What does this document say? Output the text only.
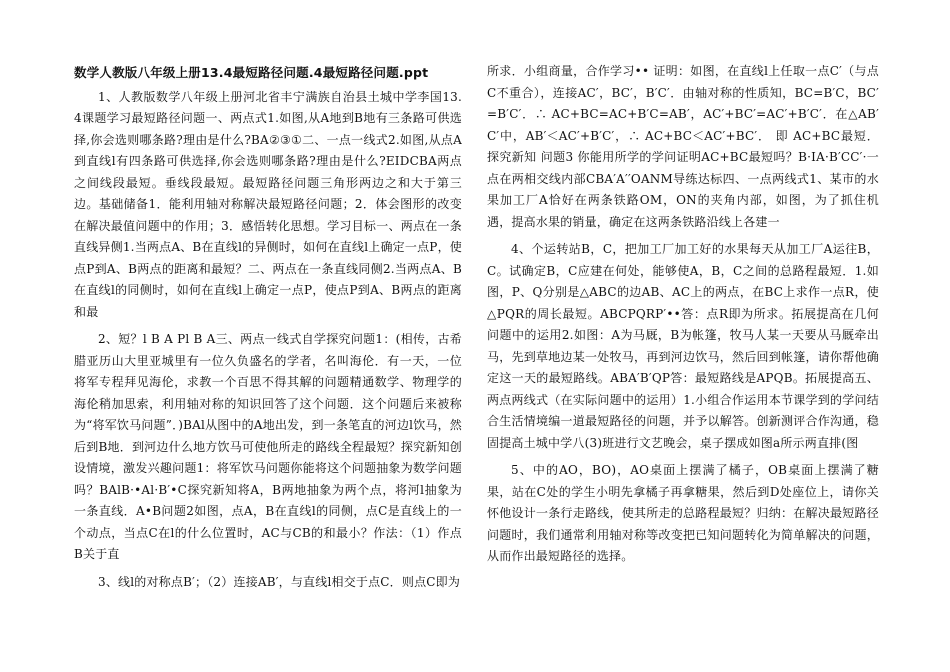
数学人教版八年级上册13.4最短路径问题.4最短路径问题.ppt

1、人教版数学八年级上册河北省丰宁满族自治县土城中学李国13.4课题学习最短路径问题一、两点式1.如图,从A地到B地有三条路可供选择,你会选则哪条路?理由是什么?BA②③①二、一点一线式2.如图,从点A到直线l有四条路可供选择,你会选则哪条路?理由是什么?EIDCBA两点之间线段最短。垂线段最短。最短路径问题三角形两边之和大于第三边。基础储备1．能利用轴对称解决最短路径问题；2．体会图形的改变在解决最值问题中的作用；3．感悟转化思想。学习目标一、两点在一条直线异侧1.当两点A、B在直线l的异侧时，如何在直线l上确定一点P，使点P到A、B两点的距离和最短？二、两点在一条直线同侧2.当两点A、B在直线l的同侧时，如何在直线l上确定一点P，使点P到A、B两点的距离和最

2、短？l B A Pl B A三、两点一线式自学探究问题1：(相传，古希腊亚历山大里亚城里有一位久负盛名的学者，名叫海伦．有一天，一位将军专程拜见海伦，求教一个百思不得其解的问题精通数学、物理学的海伦稍加思索，利用轴对称的知识回答了这个问题．这个问题后来被称为“将军饮马问题”．)BAl从图中的A地出发，到一条笔直的河边l饮马，然后到B地．到河边什么地方饮马可使他所走的路线全程最短？探究新知创设情境，激发兴趣问题1：将军饮马问题你能将这个问题抽象为数学问题吗？BAlB·•Al·B′•C探究新知将A，B两地抽象为两个点，将河l抽象为一条直线．A•B问题2如图，点A，B在直线l的同侧，点C是直线上的一个动点，当点C在l的什么位置时，AC与CB的和最小？作法：（1）作点B关于直

3、线l的对称点B′；（2）连接AB′，与直线l相交于点C．则点C即为

所求．小组商量，合作学习•• 证明：如图，在直线l上任取一点C′（与点C不重合），连接AC′，BC′，B′C′．由轴对称的性质知，BC=B′C，BC′=B′C′．∴ AC+BC=AC+B′C=AB′，AC′+BC′=AC′+B′C′．在△AB′C′中，AB′＜AC′+B′C′，∴ AC+BC＜AC′+BC′． 即 AC+BC最短．探究新知 问题3 你能用所学的学问证明AC+BC最短吗？B·IA·B′CC′·一点在两相交线内部CBA′A′′OANM导练达标四、一点两线式1、某市的水果加工厂A恰好在两条铁路OM，ON的夹角内部，如图，为了抓住机遇，提高水果的销量，确定在这两条铁路沿线上各建一

4、个运转站B，C，把加工厂加工好的水果每天从加工厂A运往B，C。试确定B，C应建在何处，能够使A，B，C之间的总路程最短．1.如图，P、Q分别是△ABC的边AB、AC上的两点，在BC上求作一点R，使△PQR的周长最短。ABCPQRP′••答：点R即为所求。拓展提高在几何问题中的运用2.如图：A为马厩，B为帐篷，牧马人某一天要从马厩牵出马，先到草地边某一处牧马，再到河边饮马，然后回到帐篷，请你帮他确定这一天的最短路线。ABA′B′QP答：最短路线是APQB。拓展提高五、两点两线式（在实际问题中的运用）1.小组合作运用本节课学到的学问结合生活情境编一道最短路径的问题，并予以解答。创新测评合作沟通，稳固提高土城中学八(3)班进行文艺晚会，桌子摆成如图a所示两直排(图

5、中的AO，BO)，AO桌面上摆满了橘子，OB桌面上摆满了糖果，站在C处的学生小明先拿橘子再拿糖果，然后到D处座位上，请你关怀他设计一条行走路线，使其所走的总路程最短？归纳：在解决最短路径问题时，我们通常利用轴对称等改变把已知问题转化为简单解决的问题，从而作出最短路径的选择。
